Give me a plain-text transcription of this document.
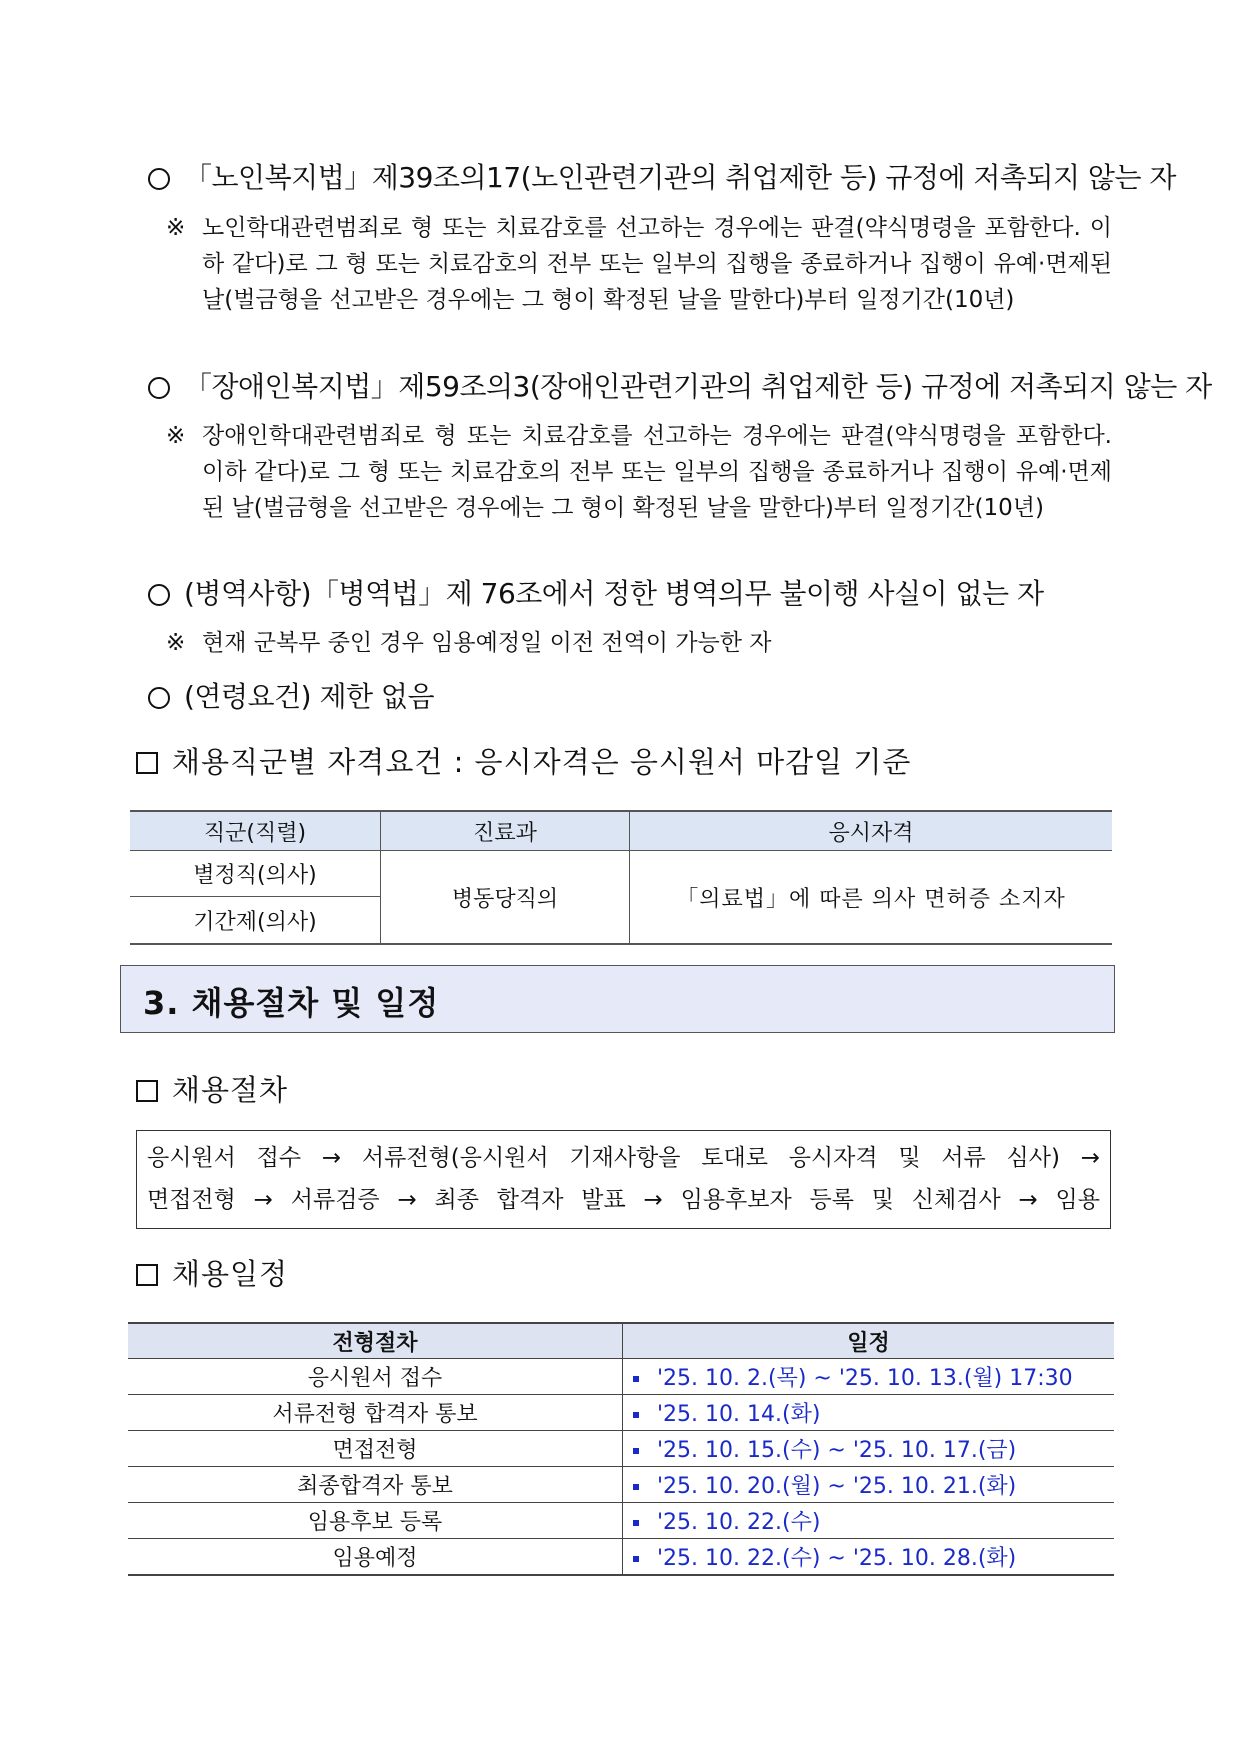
「노인복지법」제39조의17(노인관련기관의 취업제한 등) 규정에 저촉되지 않는 자
※ 노인학대관련범죄로 형 또는 치료감호를 선고하는 경우에는 판결(약식명령을 포함한다. 이하 같다)로 그 형 또는 치료감호의 전부 또는 일부의 집행을 종료하거나 집행이 유예·면제된 날(벌금형을 선고받은 경우에는 그 형이 확정된 날을 말한다)부터 일정기간(10년)
「장애인복지법」제59조의3(장애인관련기관의 취업제한 등) 규정에 저촉되지 않는 자
※ 장애인학대관련범죄로 형 또는 치료감호를 선고하는 경우에는 판결(약식명령을 포함한다. 이하 같다)로 그 형 또는 치료감호의 전부 또는 일부의 집행을 종료하거나 집행이 유예·면제된 날(벌금형을 선고받은 경우에는 그 형이 확정된 날을 말한다)부터 일정기간(10년)
(병역사항)「병역법」제 76조에서 정한 병역의무 불이행 사실이 없는 자
※ 현재 군복무 중인 경우 임용예정일 이전 전역이 가능한 자
(연령요건) 제한 없음
채용직군별 자격요건 : 응시자격은 응시원서 마감일 기준
직군(직렬)	진료과	응시자격
별정직(의사)	병동당직의	「의료법」에 따른 의사 면허증 소지자
기간제(의사)		
3. 채용절차 및 일정
채용절차
응시원서 접수 → 서류전형(응시원서 기재사항을 토대로 응시자격 및 서류 심사) →
면접전형 → 서류검증 → 최종 합격자 발표 → 임용후보자 등록 및 신체검사 → 임용
채용일정
전형절차	일정
응시원서 접수	'25. 10. 2.(목) ~ '25. 10. 13.(월) 17:30
서류전형 합격자 통보	'25. 10. 14.(화)
면접전형	'25. 10. 15.(수) ~ '25. 10. 17.(금)
최종합격자 통보	'25. 10. 20.(월) ~ '25. 10. 21.(화)
임용후보 등록	'25. 10. 22.(수)
임용예정	'25. 10. 22.(수) ~ '25. 10. 28.(화)
